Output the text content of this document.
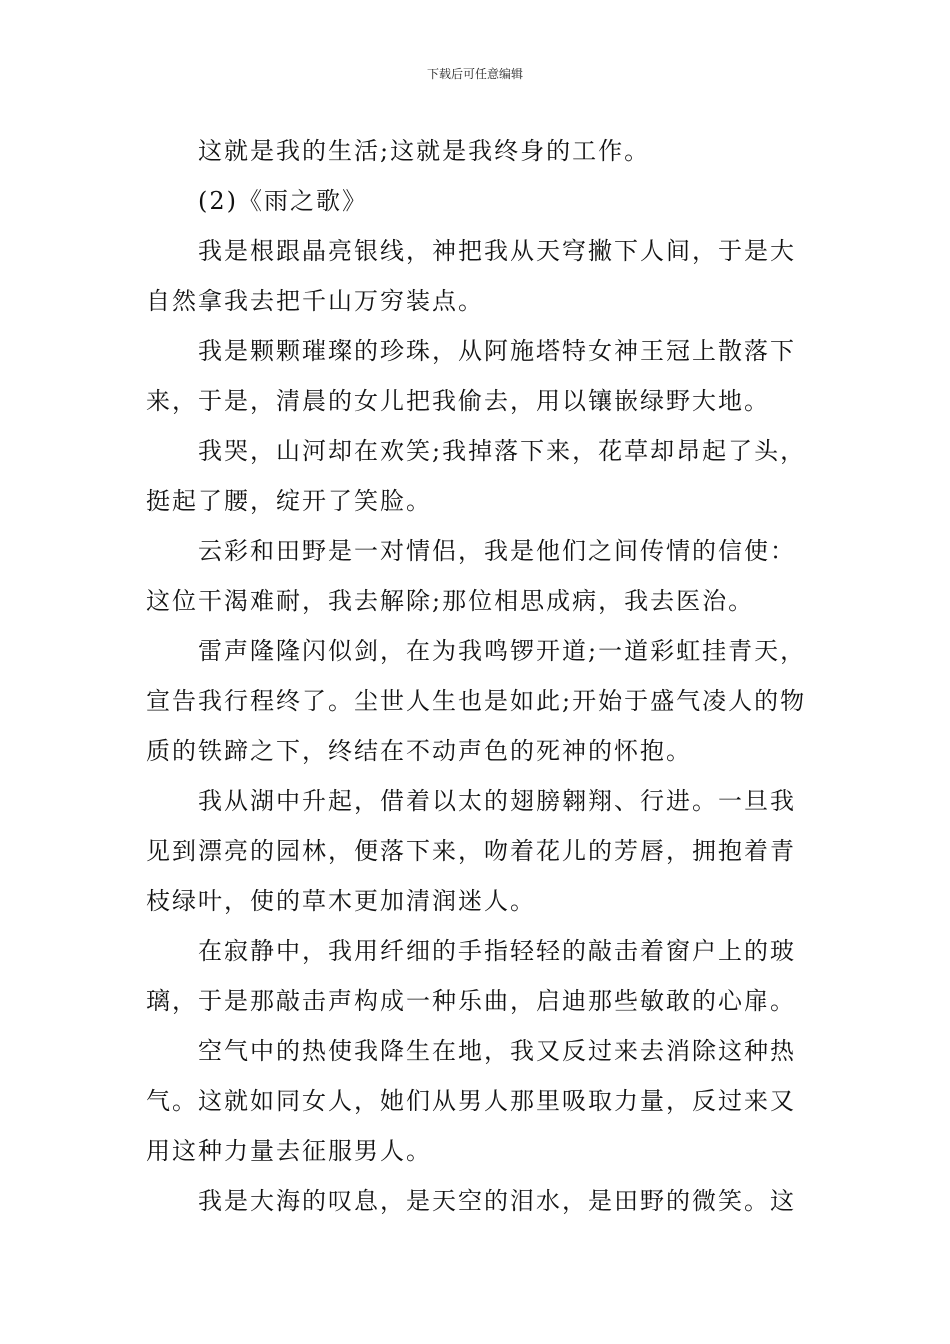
下载后可任意编辑

这就是我的生活;这就是我终身的工作。

(2)《雨之歌》

我是根跟晶亮银线，神把我从天穹撇下人间，于是大
自然拿我去把千山万穷装点。

我是颗颗璀璨的珍珠，从阿施塔特女神王冠上散落下
来，于是，清晨的女儿把我偷去，用以镶嵌绿野大地。

我哭，山河却在欢笑;我掉落下来，花草却昂起了头，
挺起了腰，绽开了笑脸。

云彩和田野是一对情侣，我是他们之间传情的信使：
这位干渴难耐，我去解除;那位相思成病，我去医治。

雷声隆隆闪似剑，在为我鸣锣开道;一道彩虹挂青天，
宣告我行程终了。尘世人生也是如此;开始于盛气凌人的物
质的铁蹄之下，终结在不动声色的死神的怀抱。

我从湖中升起，借着以太的翅膀翱翔、行进。一旦我
见到漂亮的园林，便落下来，吻着花儿的芳唇，拥抱着青
枝绿叶，使的草木更加清润迷人。

在寂静中，我用纤细的手指轻轻的敲击着窗户上的玻
璃，于是那敲击声构成一种乐曲，启迪那些敏敢的心扉。

空气中的热使我降生在地，我又反过来去消除这种热
气。这就如同女人，她们从男人那里吸取力量，反过来又
用这种力量去征服男人。

我是大海的叹息，是天空的泪水，是田野的微笑。这
